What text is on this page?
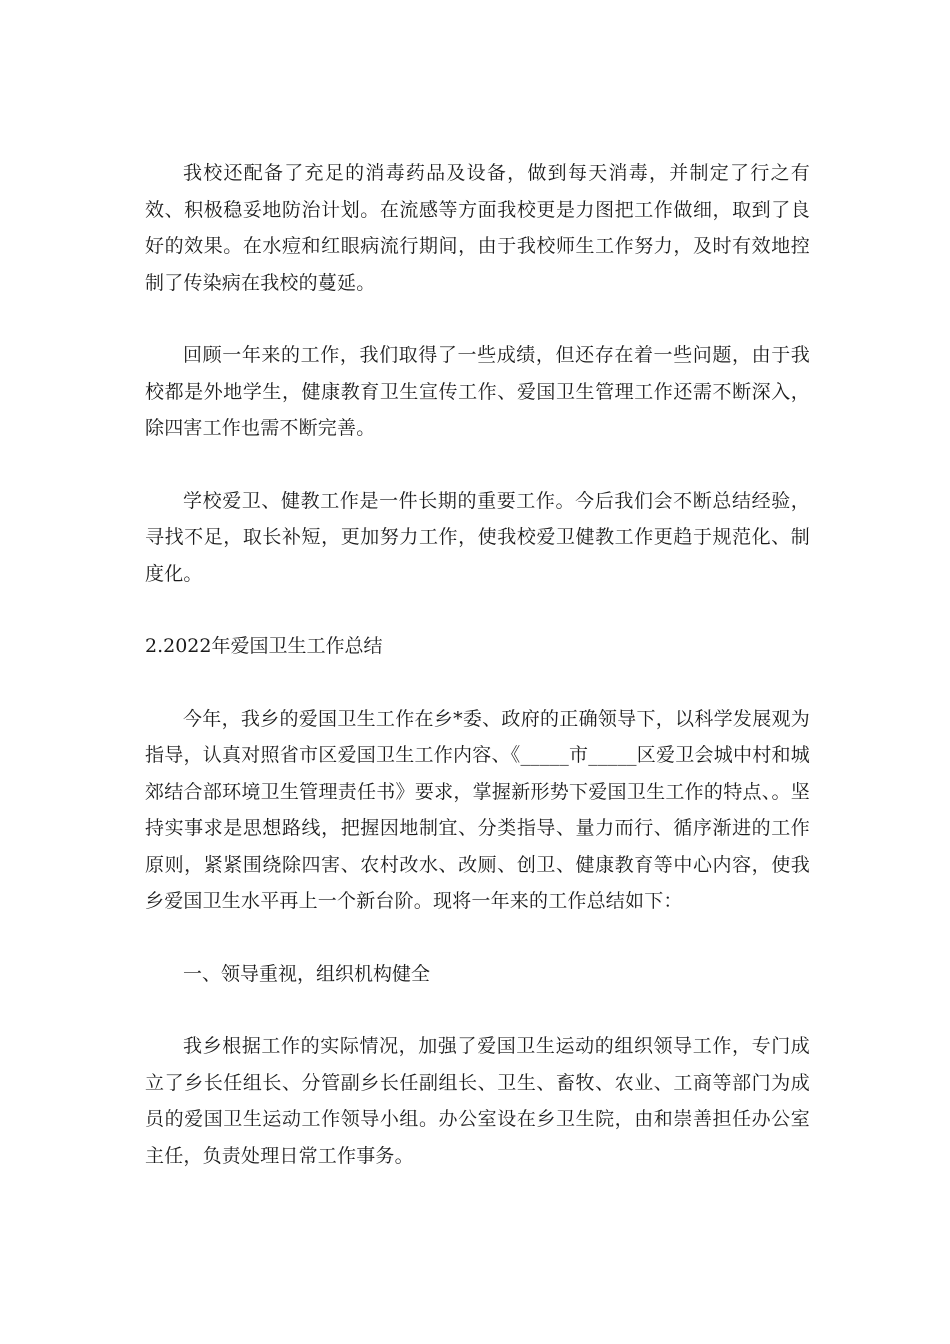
我校还配备了充足的消毒药品及设备，做到每天消毒，并制定了行之有效、积极稳妥地防治计划。在流感等方面我校更是力图把工作做细，取到了良好的效果。在水痘和红眼病流行期间，由于我校师生工作努力，及时有效地控制了传染病在我校的蔓延。

回顾一年来的工作，我们取得了一些成绩，但还存在着一些问题，由于我校都是外地学生，健康教育卫生宣传工作、爱国卫生管理工作还需不断深入，除四害工作也需不断完善。

学校爱卫、健教工作是一件长期的重要工作。今后我们会不断总结经验，寻找不足，取长补短，更加努力工作，使我校爱卫健教工作更趋于规范化、制度化。

2.2022年爱国卫生工作总结

今年，我乡的爱国卫生工作在乡*委、政府的正确领导下，以科学发展观为指导，认真对照省市区爱国卫生工作内容、《_____市_____区爱卫会城中村和城郊结合部环境卫生管理责任书》要求，掌握新形势下爱国卫生工作的特点、。坚持实事求是思想路线，把握因地制宜、分类指导、量力而行、循序渐进的工作原则，紧紧围绕除四害、农村改水、改厕、创卫、健康教育等中心内容，使我乡爱国卫生水平再上一个新台阶。现将一年来的工作总结如下：

一、领导重视，组织机构健全

我乡根据工作的实际情况，加强了爱国卫生运动的组织领导工作，专门成立了乡长任组长、分管副乡长任副组长、卫生、畜牧、农业、工商等部门为成员的爱国卫生运动工作领导小组。办公室设在乡卫生院，由和崇善担任办公室主任，负责处理日常工作事务。
